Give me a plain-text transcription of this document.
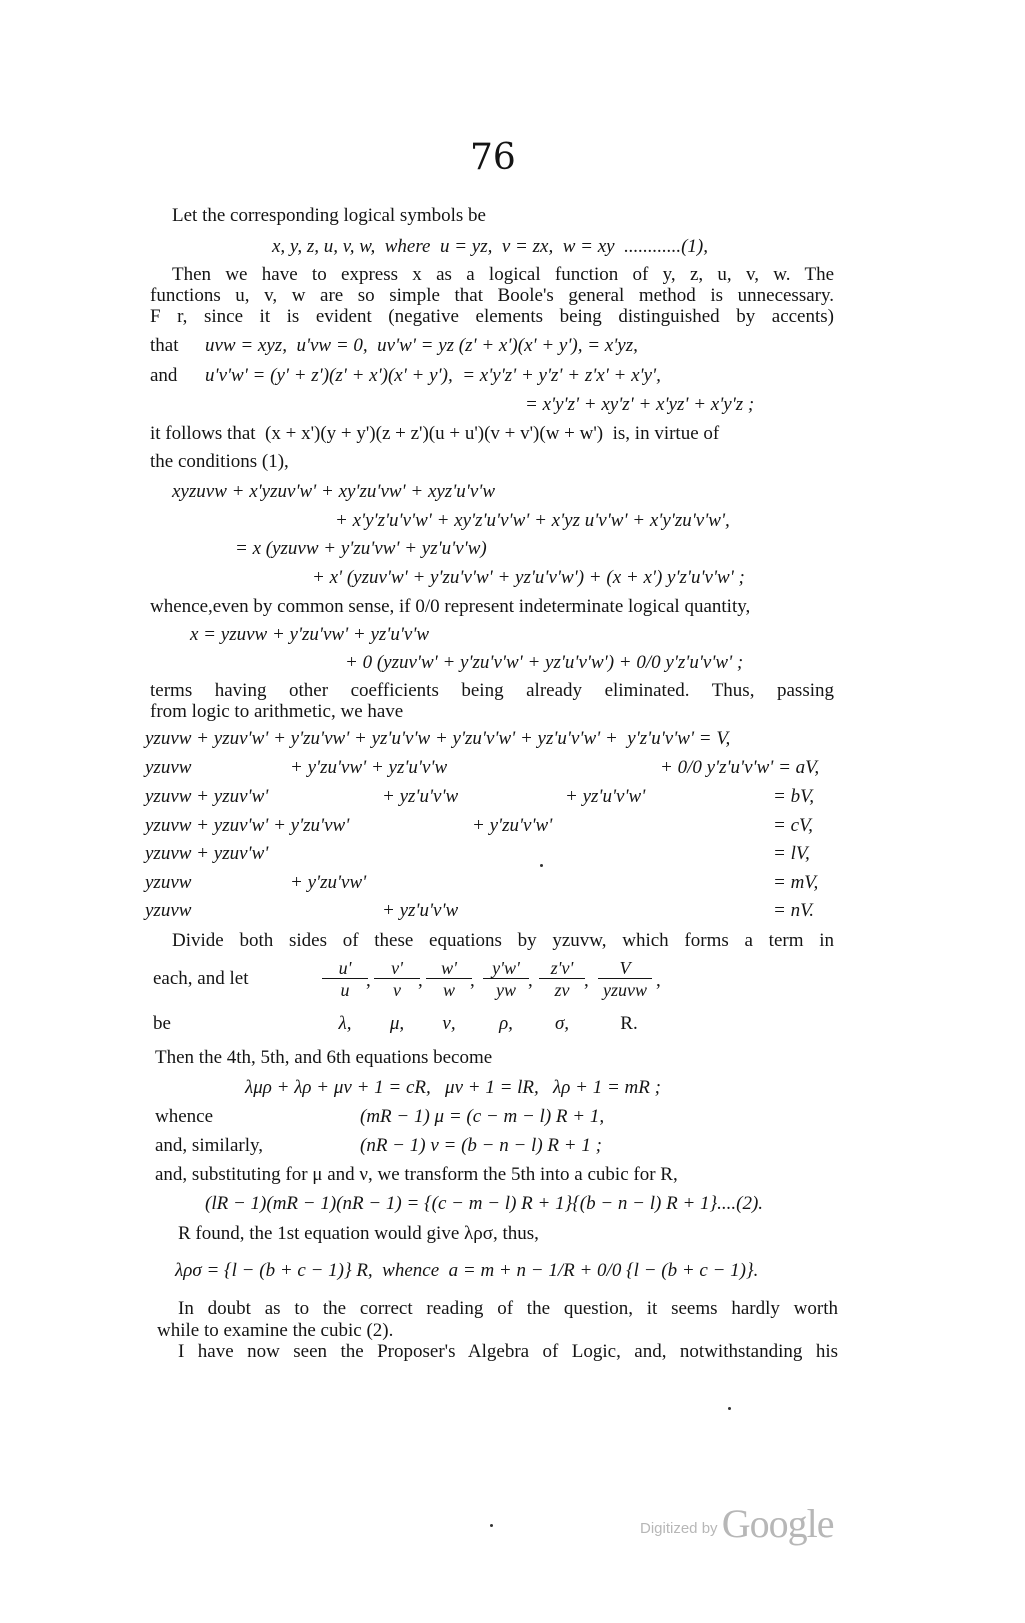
76
Let the corresponding logical symbols be
x, y, z, u, v, w,  where  u = yz,  v = zx,  w = xy  ............(1),
Then we have to express x as a logical function of y, z, u, v, w. The
functions u, v, w are so simple that Boole's general method is unnecessary.
F r, since it is evident (negative elements being distinguished by accents)
that uvw = xyz,  u'vw = 0,  uv'w' = yz (z' + x')(x' + y'), = x'yz,
and u'v'w' = (y' + z')(z' + x')(x' + y'),  = x'y'z' + y'z' + z'x' + x'y',
= x'y'z' + xy'z' + x'yz' + x'y'z ;
it follows that  (x + x')(y + y')(z + z')(u + u')(v + v')(w + w')  is, in virtue of
the conditions (1),
xyzuvw + x'yzuv'w' + xy'zu'vw' + xyz'u'v'w
+ x'y'z'u'v'w' + xy'z'u'v'w' + x'yz u'v'w' + x'y'zu'v'w',
= x (yzuvw + y'zu'vw' + yz'u'v'w)
+ x' (yzuv'w' + y'zu'v'w' + yz'u'v'w') + (x + x') y'z'u'v'w' ;
whence,even by common sense, if 0/0 represent indeterminate logical quantity,
x = yzuvw + y'zu'vw' + yz'u'v'w
+ 0 (yzuv'w' + y'zu'v'w' + yz'u'v'w') + 0/0 y'z'u'v'w' ;
terms having other coefficients being already eliminated. Thus, passing
from logic to arithmetic, we have
yzuvw + yzuv'w' + y'zu'vw' + yz'u'v'w + y'zu'v'w' + yz'u'v'w' +  y'z'u'v'w' = V,
yzuvw	+ y'zu'vw' + yz'u'v'w	+ 0/0 y'z'u'v'w' = aV,
yzuvw + yzuv'w'	+ yz'u'v'w	+ yz'u'v'w'	= bV,
yzuvw + yzuv'w' + y'zu'vw'	+ y'zu'v'w'	= cV,
yzuvw + yzuv'w'	= lV,
yzuvw	+ y'zu'vw'	= mV,
yzuvw	+ yz'u'v'w	= nV.
Divide both sides of these equations by yzuvw, which forms a term in
each, and let	u'
u ,
v'
v ,
w'
w ,
y'w'
yw ,
z'v'
zv ,
V
yzuvw ,
be	λ,	μ,	ν,	ρ,	σ,	R.
Then the 4th, 5th, and 6th equations become
λμρ + λρ + μν + 1 = cR,   μν + 1 = lR,   λρ + 1 = mR ;
whence	(mR − 1) μ = (c − m − l) R + 1,
and, similarly,	(nR − 1) ν = (b − n − l) R + 1 ;
and, substituting for μ and ν, we transform the 5th into a cubic for R,
(lR − 1)(mR − 1)(nR − 1) = {(c − m − l) R + 1}{(b − n − l) R + 1}....(2).
R found, the 1st equation would give λρσ, thus,
λρσ = {l − (b + c − 1)} R,  whence  a = m + n − 1/R + 0/0 {l − (b + c − 1)}.
In doubt as to the correct reading of the question, it seems hardly worth
while to examine the cubic (2).
I have now seen the Proposer's Algebra of Logic, and, notwithstanding his
Digitized by Google
